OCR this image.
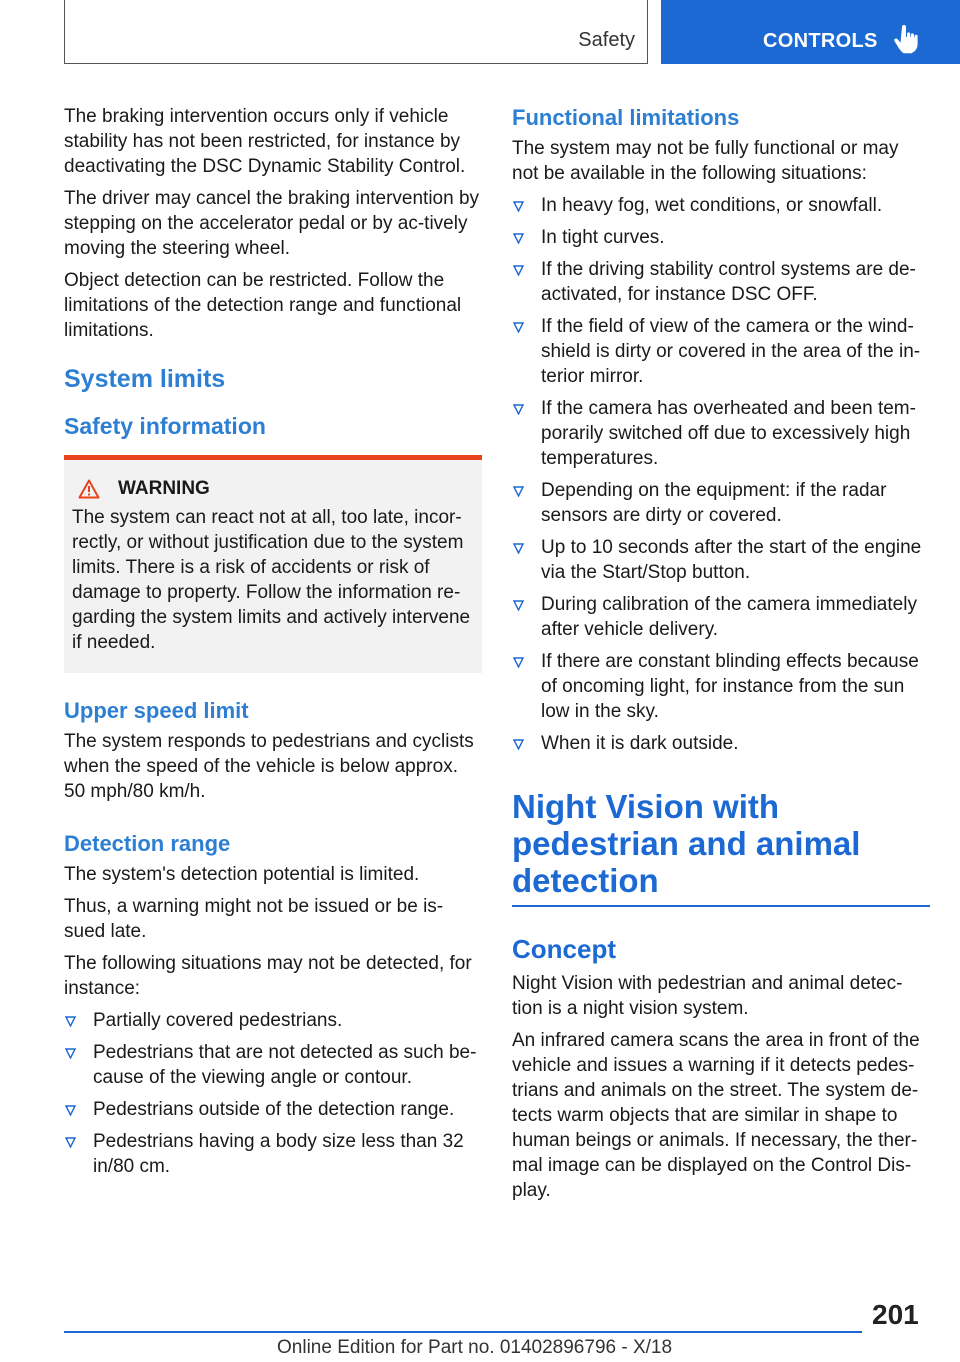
Safety	CONTROLS

The braking intervention occurs only if vehicle stability has not been restricted, for instance by deactivating the DSC Dynamic Stability Control.

The driver may cancel the braking intervention by stepping on the accelerator pedal or by ac-tively moving the steering wheel.

Object detection can be restricted. Follow the limitations of the detection range and functional limitations.

System limits
Safety information
WARNING

The system can react not at all, too late, incor-rectly, or without justification due to the system limits. There is a risk of accidents or risk of damage to property. Follow the information re-garding the system limits and actively intervene if needed.

Upper speed limit

The system responds to pedestrians and cyclists when the speed of the vehicle is below approx. 50 mph/80 km/h.

Detection range

The system's detection potential is limited.

Thus, a warning might not be issued or be is-sued late.

The following situations may not be detected, for instance:

Partially covered pedestrians.
Pedestrians that are not detected as such be-cause of the viewing angle or contour.
Pedestrians outside of the detection range.
Pedestrians having a body size less than 32 in/80 cm.
Functional limitations

The system may not be fully functional or may not be available in the following situations:

In heavy fog, wet conditions, or snowfall.
In tight curves.
If the driving stability control systems are de-activated, for instance DSC OFF.
If the field of view of the camera or the wind-shield is dirty or covered in the area of the in-terior mirror.
If the camera has overheated and been tem-porarily switched off due to excessively high temperatures.
Depending on the equipment: if the radar sensors are dirty or covered.
Up to 10 seconds after the start of the engine via the Start/Stop button.
During calibration of the camera immediately after vehicle delivery.
If there are constant blinding effects because of oncoming light, for instance from the sun low in the sky.
When it is dark outside.
Night Vision with pedestrian and animal detection
Concept

Night Vision with pedestrian and animal detec-tion is a night vision system.

An infrared camera scans the area in front of the vehicle and issues a warning if it detects pedes-trians and animals on the street. The system de-tects warm objects that are similar in shape to human beings or animals. If necessary, the ther-mal image can be displayed on the Control Dis-play.

201
Online Edition for Part no. 01402896796 - X/18
